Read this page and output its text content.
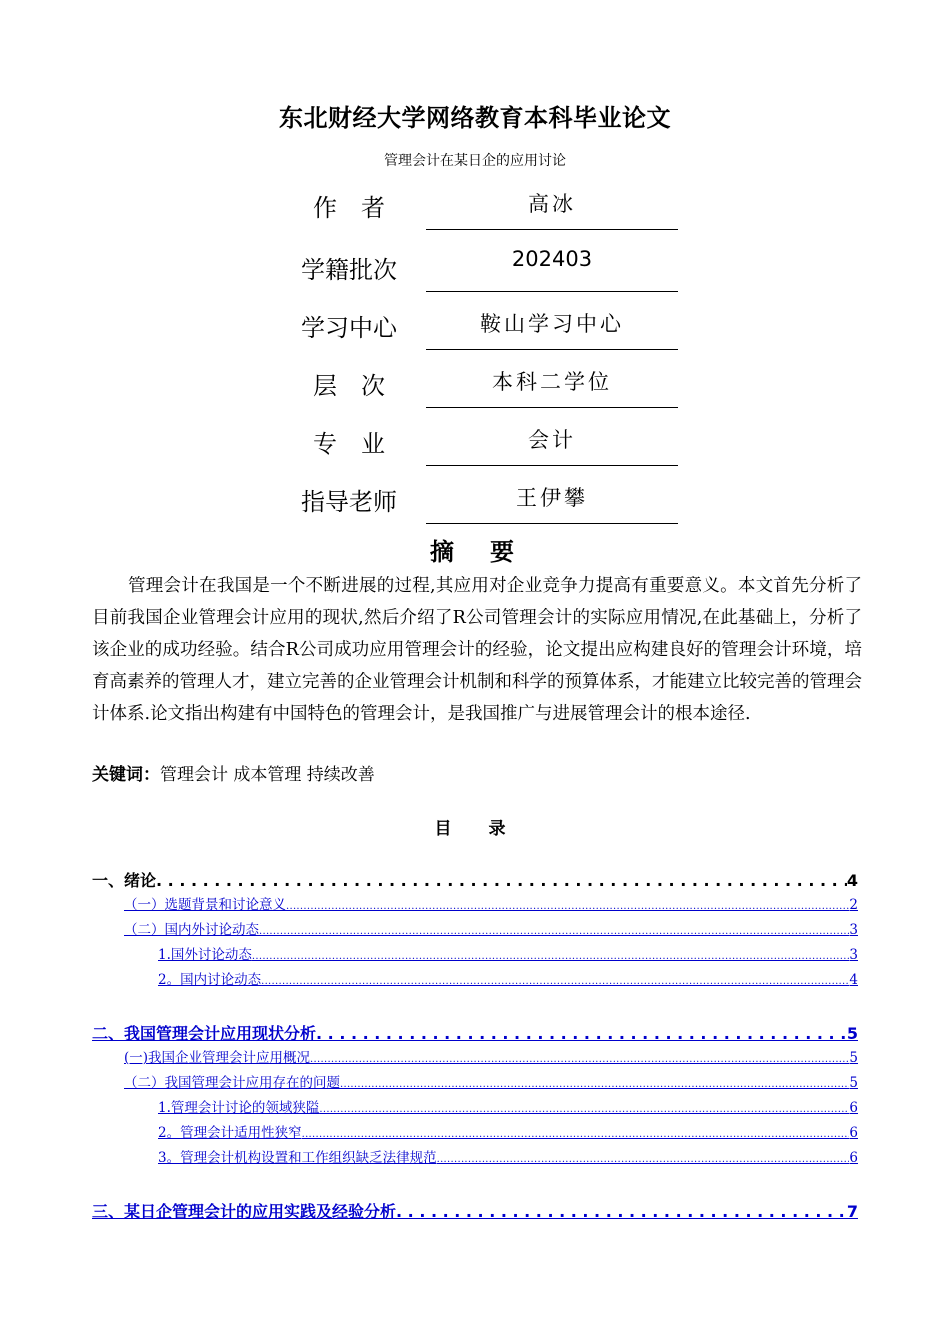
东北财经大学网络教育本科毕业论文
管理会计在某日企的应用讨论
作　者	高冰
学籍批次	202403
学习中心	鞍山学习中心
层　次	本科二学位
专　业	会计
指导老师	王伊攀
摘　要
管理会计在我国是一个不断进展的过程,其应用对企业竞争力提高有重要意义。本文首先分析了目前我国企业管理会计应用的现状,然后介绍了R公司管理会计的实际应用情况,在此基础上，分析了该企业的成功经验。结合R公司成功应用管理会计的经验，论文提出应构建良好的管理会计环境，培育高素养的管理人才，建立完善的企业管理会计机制和科学的预算体系，才能建立比较完善的管理会计体系.论文指出构建有中国特色的管理会计，是我国推广与进展管理会计的根本途径.
关键词：管理会计 成本管理 持续改善
目　录
一、绪论 . . .	4
（一）选题背景和讨论意义 .....	2
（二）国内外讨论动态 .....	3
1.国外讨论动态 .....	3
2。国内讨论动态 .....	4
二、我国管理会计应用现状分析 . . .	5
(一)我国企业管理会计应用概况 .....	5
（二）我国管理会计应用存在的问题 .....	5
1.管理会计讨论的领域狭隘 .....	6
2。管理会计适用性狭窄 .....	6
3。管理会计机构设置和工作组织缺乏法律规范 .....	6
三、某日企管理会计的应用实践及经验分析 . . .	7
